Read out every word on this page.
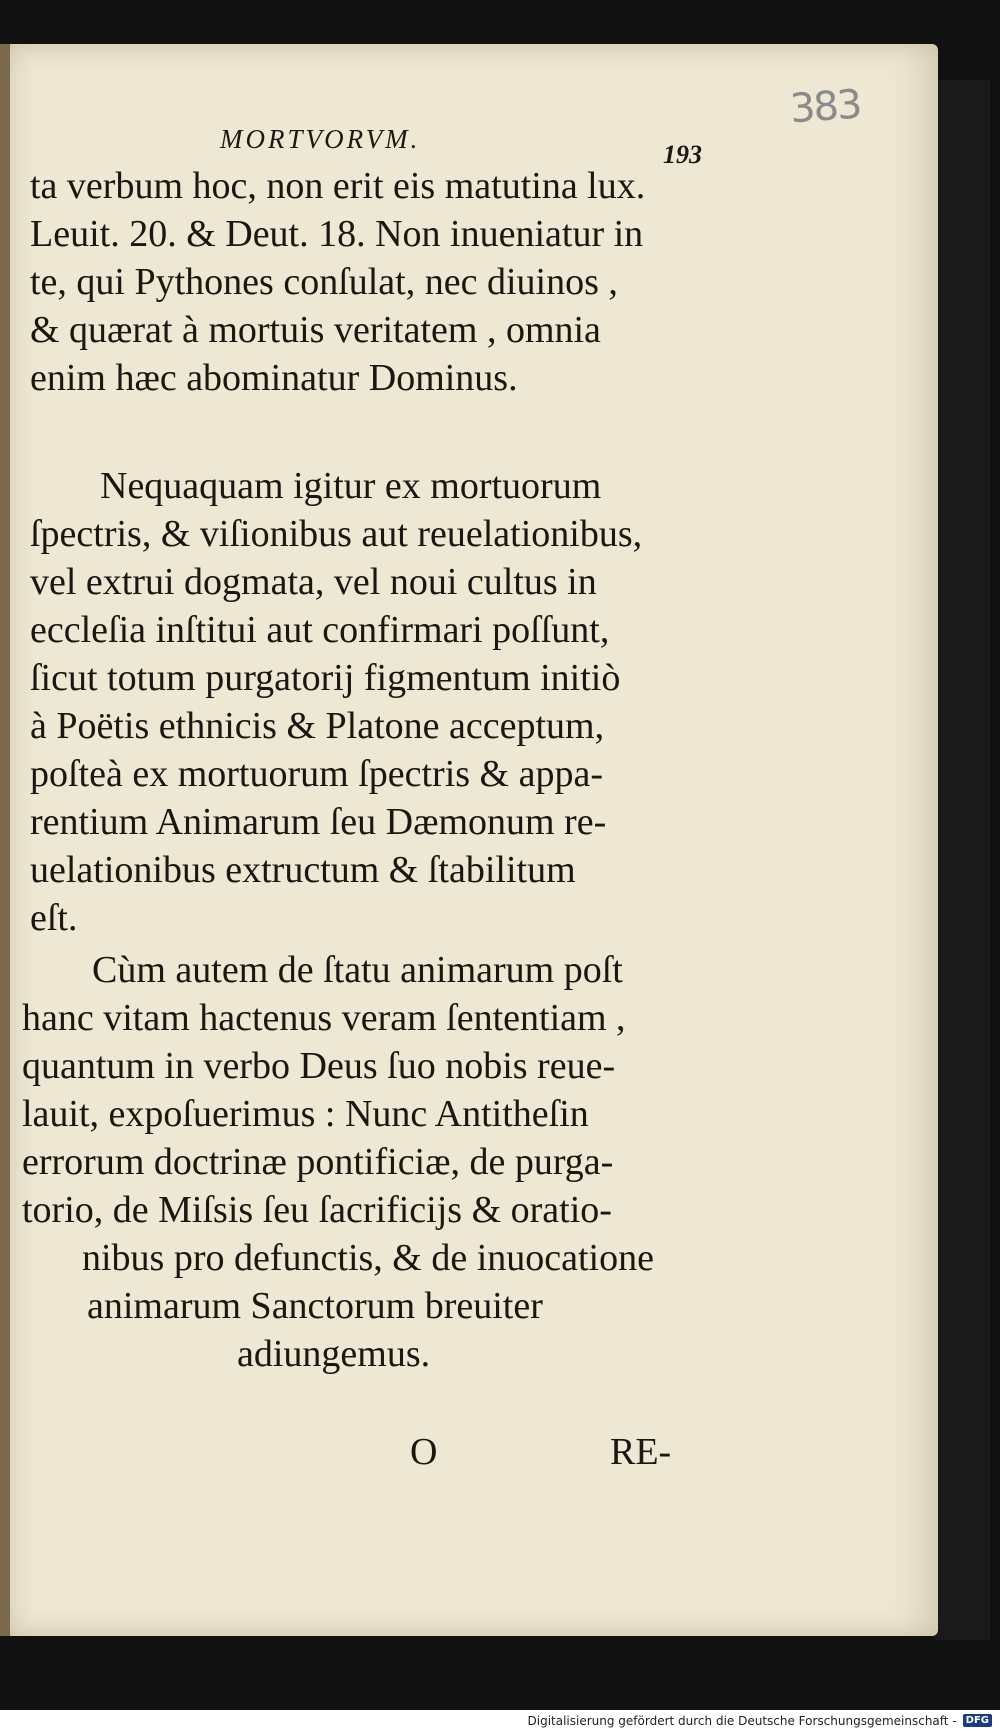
383
MORTVORVM.
193
ta verbum hoc, non erit eis matutina lux.
Leuit. 20. & Deut. 18. Non inueniatur in
te, qui Pythones conſulat, nec diuinos ,
& quærat à mortuis veritatem , omnia
enim hæc abominatur Dominus.
Nequaquam igitur ex mortuorum
ſpectris, & viſionibus aut reuelationibus,
vel extrui dogmata, vel noui cultus in
eccleſia inſtitui aut confirmari poſſunt,
ſicut totum purgatorij figmentum initiò
à Poëtis ethnicis & Platone acceptum,
poſteà ex mortuorum ſpectris & appa-
rentium Animarum ſeu Dæmonum re-
uelationibus extructum & ſtabilitum
eſt.
Cùm autem de ſtatu animarum poſt
hanc vitam hactenus veram ſententiam ,
quantum in verbo Deus ſuo nobis reue-
lauit, expoſuerimus : Nunc Antitheſin
errorum doctrinæ pontificiæ, de purga-
torio, de Miſsis ſeu ſacrificijs & oratio-
nibus pro defunctis, & de inuocatione
animarum Sanctorum breuiter
adiungemus.
O	RE-
Digitalisierung gefördert durch die Deutsche Forschungsgemeinschaft - DFG
